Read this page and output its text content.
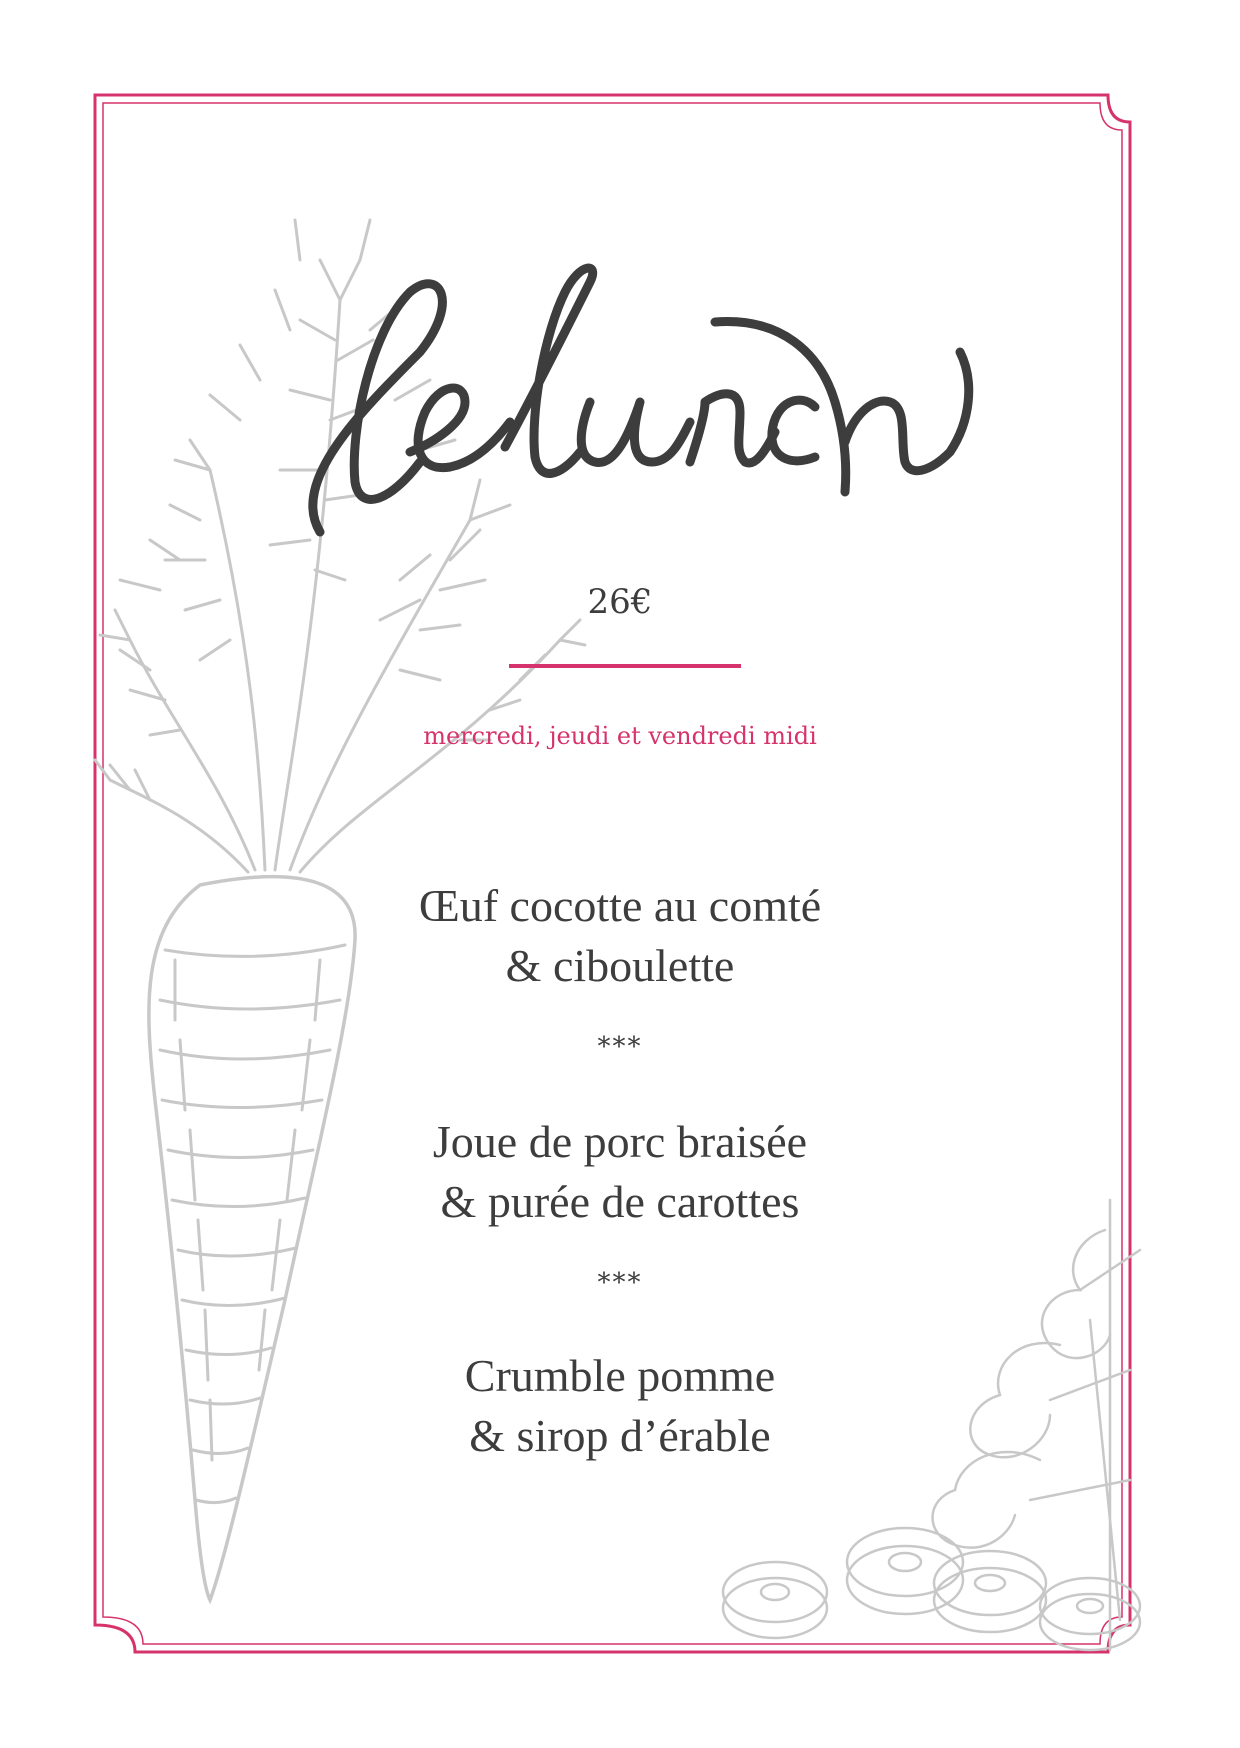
26€
mercredi, jeudi et vendredi midi
Œuf cocotte au comté
& ciboulette
***
Joue de porc braisée
& purée de carottes
***
Crumble pomme
& sirop d’érable
